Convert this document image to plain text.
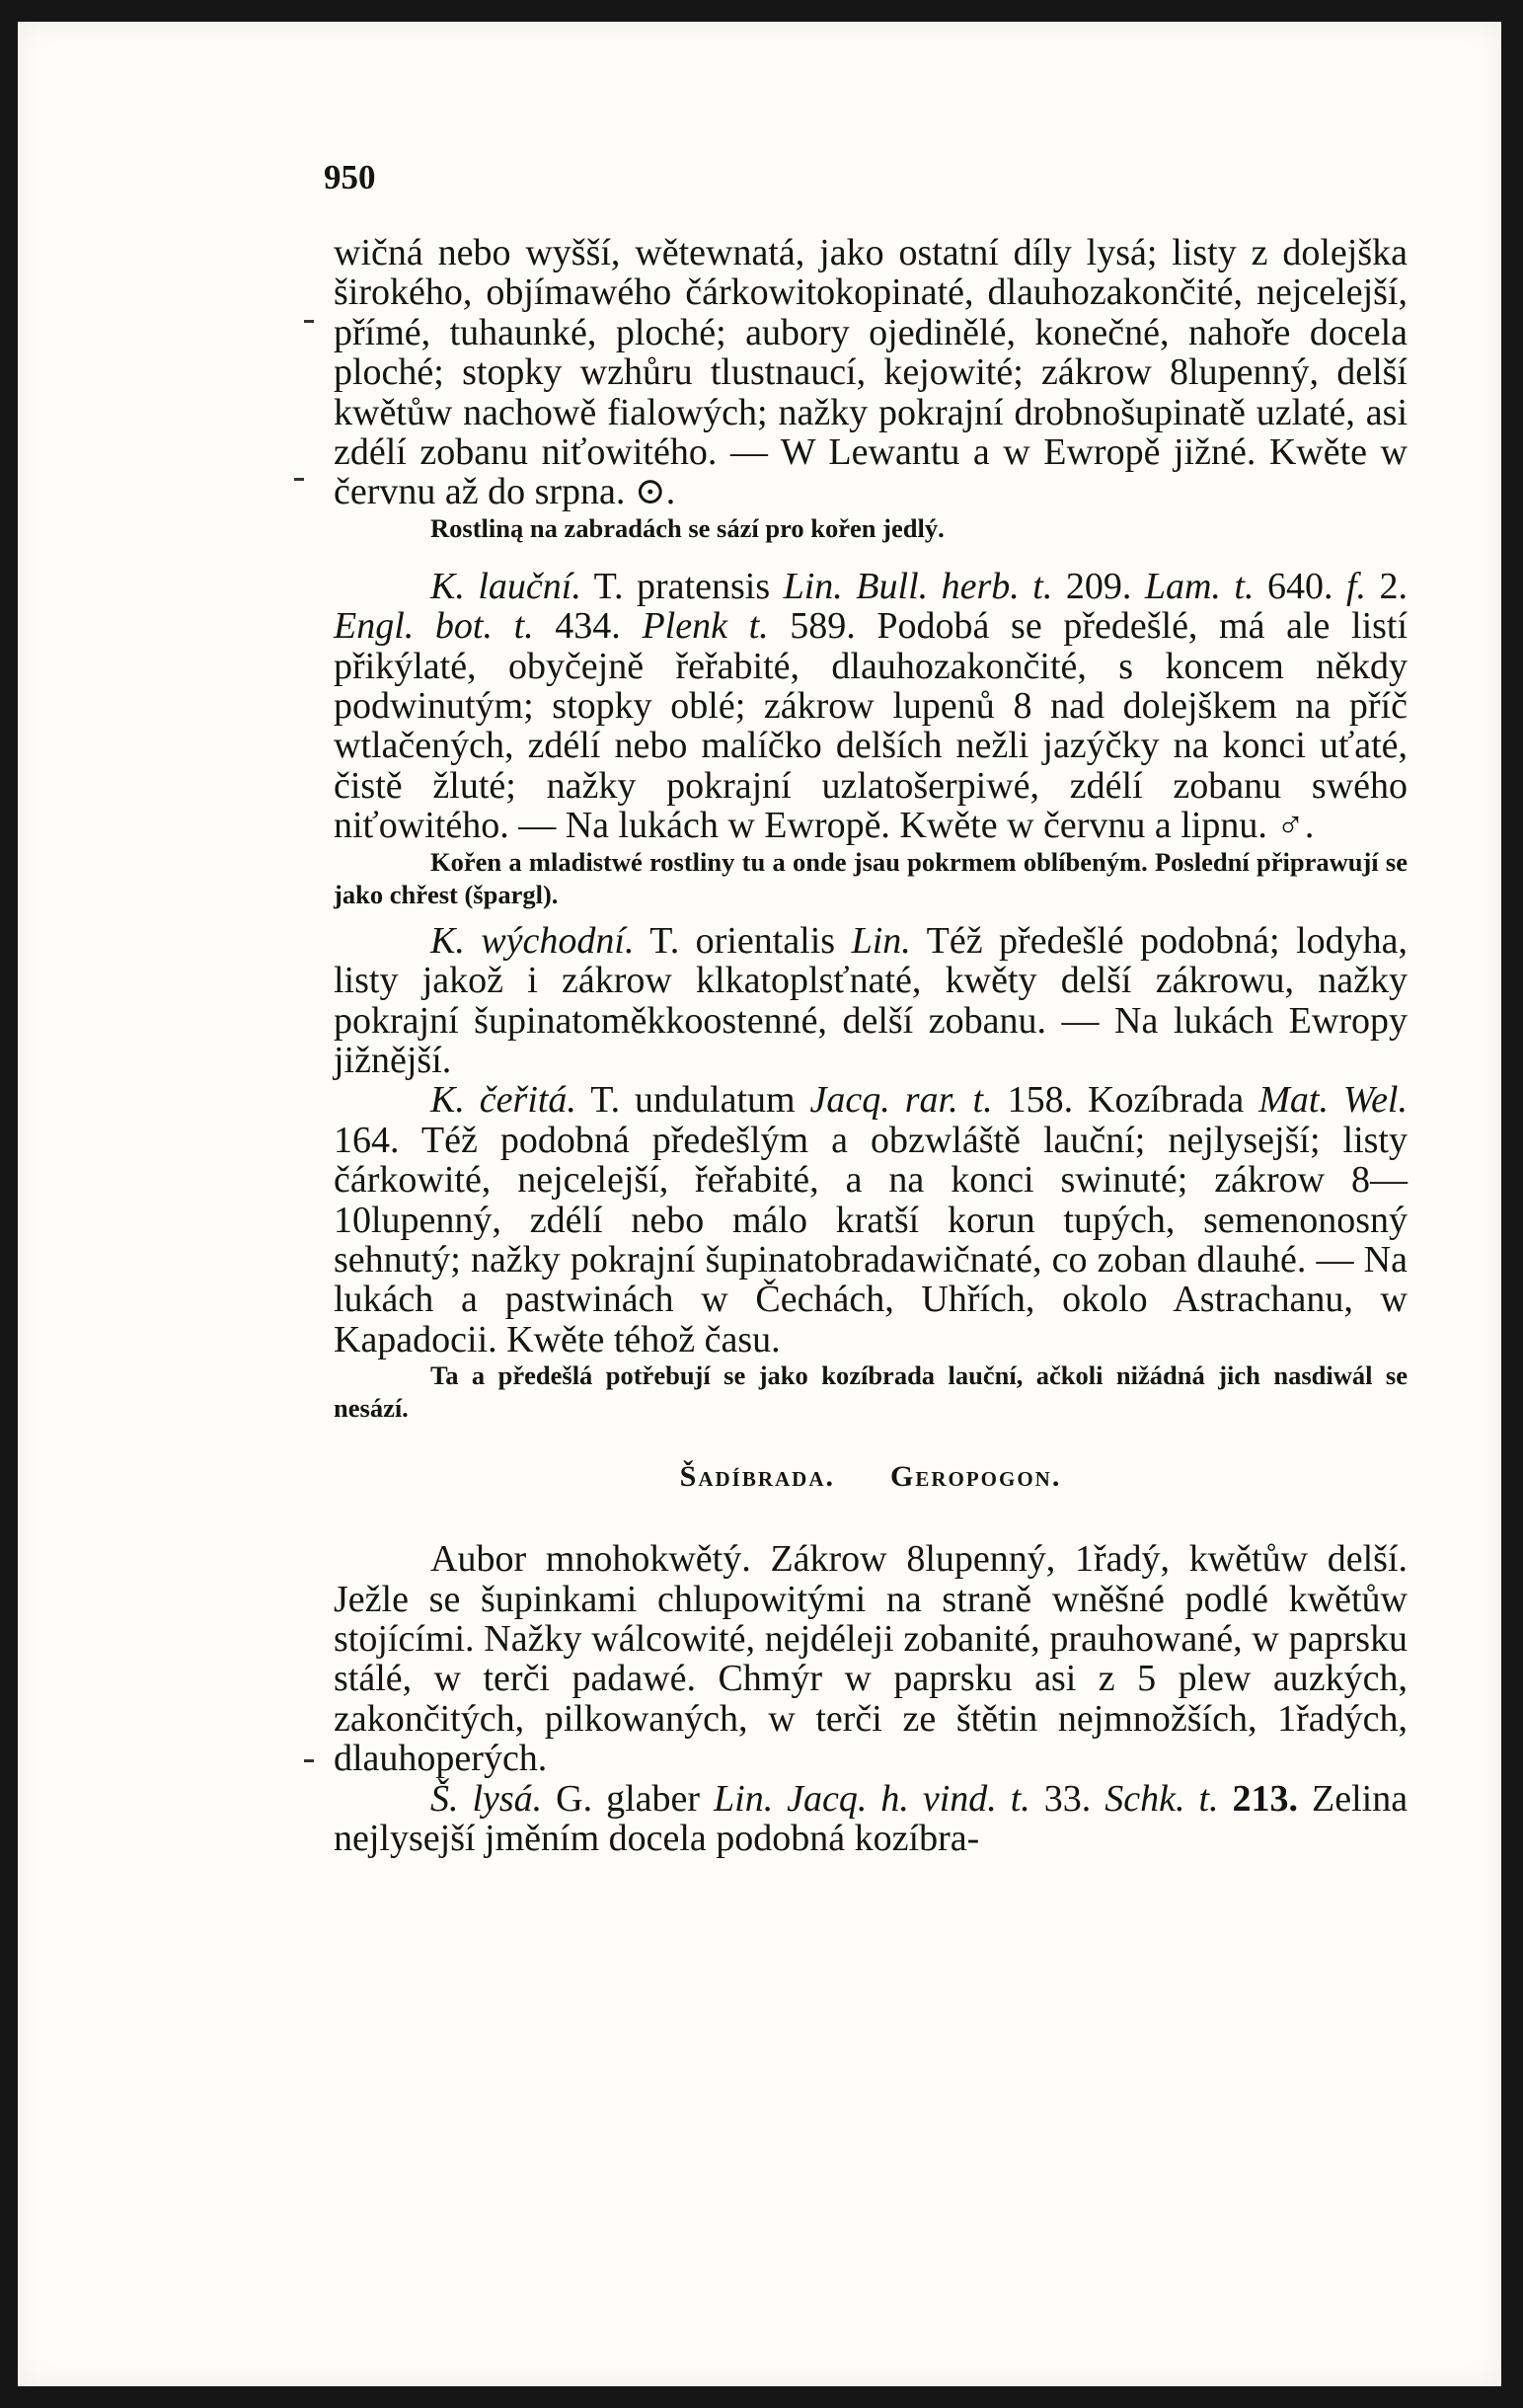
950

wičná nebo wyšší, wětewnatá, jako ostatní díly lysá; listy z dolejška širokého, objímawého čárkowitokopinaté, dlauhozakončité, nejcelejší, přímé, tuhaunké, ploché; aubory ojedinělé, konečné, nahoře docela ploché; stopky wzhůru tlustnaucí, kejowité; zákrow 8lupenný, delší kwětůw nachowě fialowých; nažky pokrajní drobnošupinatě uzlaté, asi zdélí zobanu niťowitého. — W Lewantu a w Ewropě jižné. Kwěte w červnu až do srpna. ⊙.

Rostliną na zabradách se sází pro kořen jedlý.

K. lauční. T. pratensis Lin. Bull. herb. t. 209. Lam. t. 640. f. 2. Engl. bot. t. 434. Plenk t. 589. Podobá se předešlé, má ale listí přikýlaté, obyčejně řeřabité, dlauhozakončité, s koncem někdy podwinutým; stopky oblé; zákrow lupenů 8 nad dolejškem na příč wtlačených, zdélí nebo malíčko delších nežli jazýčky na konci uťaté, čistě žluté; nažky pokrajní uzlatošerpiwé, zdélí zobanu swého niťowitého. — Na lukách w Ewropě. Kwěte w červnu a lipnu. ♂.

Kořen a mladistwé rostliny tu a onde jsau pokrmem oblíbeným. Poslední připrawují se jako chřest (špargl).

K. wýchodní. T. orientalis Lin. Též předešlé podobná; lodyha, listy jakož i zákrow klkatoplsťnaté, kwěty delší zákrowu, nažky pokrajní šupinatoměkkoostenné, delší zobanu. — Na lukách Ewropy jižnější.

K. čeřitá. T. undulatum Jacq. rar. t. 158. Kozíbrada Mat. Wel. 164. Též podobná předešlým a obzwláště lauční; nejlysejší; listy čárkowité, nejcelejší, řeřabité, a na konci swinuté; zákrow 8—10lupenný, zdélí nebo málo kratší korun tupých, semenonosný sehnutý; nažky pokrajní šupinatobradawičnaté, co zoban dlauhé. — Na lukách a pastwinách w Čechách, Uhřích, okolo Astrachanu, w Kapadocii. Kwěte téhož času.

Ta a předešlá potřebují se jako kozíbrada lauční, ačkoli nižádná jich nasdiwál se nesází.

Šadíbrada. Geropogon.

Aubor mnohokwětý. Zákrow 8lupenný, 1řadý, kwětůw delší. Ježle se šupinkami chlupowitými na straně wněšné podlé kwětůw stojícími. Nažky wálcowité, nejdéleji zobanité, prauhowané, w paprsku stálé, w terči padawé. Chmýr w paprsku asi z 5 plew auzkých, zakončitých, pilkowaných, w terči ze štětin nejmnožších, 1řadých, dlauhoperých.

Š. lysá. G. glaber Lin. Jacq. h. vind. t. 33. Schk. t. 213. Zelina nejlysejší jměním docela podobná kozíbra-
